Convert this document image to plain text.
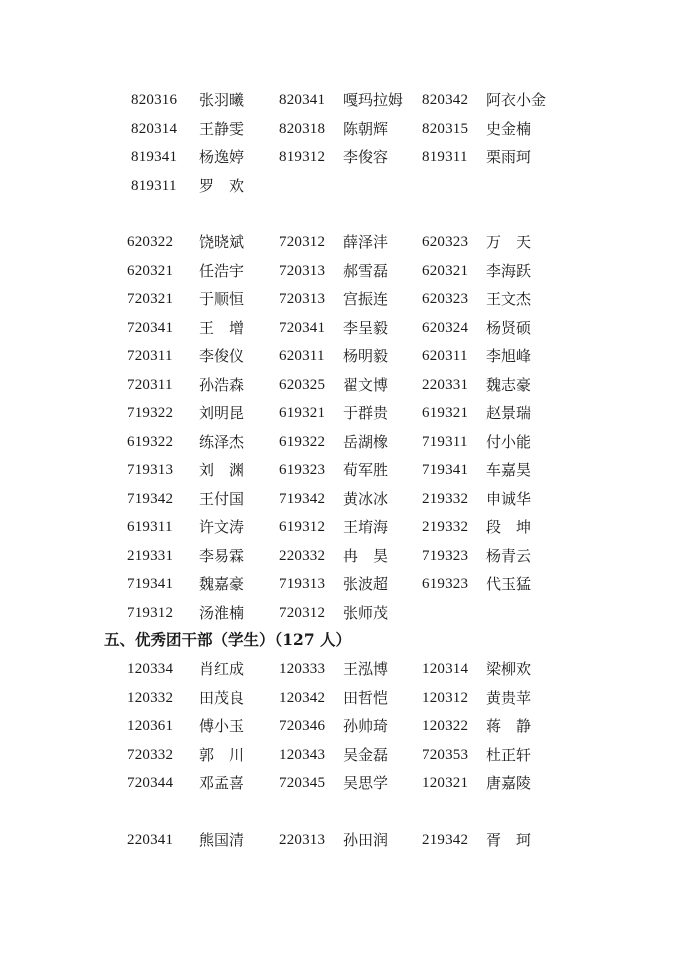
820316 张羽曦 820341 嘎玛拉姆 820342 阿衣小金
820314 王静雯 820318 陈朝辉 820315 史金楠
819341 杨逸婷 819312 李俊容 819311 栗雨珂
819311 罗　欢
620322 饶晓斌 720312 薛泽沣 620323 万　天
620321 任浩宇 720313 郝雪磊 620321 李海跃
720321 于顺恒 720313 宫振连 620323 王文杰
720341 王　增 720341 李呈毅 620324 杨贤硕
720311 李俊仪 620311 杨明毅 620311 李旭峰
720311 孙浩森 620325 翟文博 220331 魏志豪
719322 刘明昆 619321 于群贵 619321 赵景瑞
619322 练泽杰 619322 岳湖橡 719311 付小能
719313 刘　渊 619323 荀军胜 719341 车嘉昊
719342 王付国 719342 黄冰冰 219332 申诚华
619311 许文涛 619312 王堉海 219332 段　坤
219331 李易霖 220332 冉　昊 719323 杨青云
719341 魏嘉豪 719313 张波超 619323 代玉猛
719312 汤淮楠 720312 张师茂
120334 肖红成 120333 王泓博 120314 梁柳欢
120332 田茂良 120342 田哲恺 120312 黄贵苹
120361 傅小玉 720346 孙帅琦 120322 蒋　静
720332 郭　川 120343 吴金磊 720353 杜正轩
720344 邓孟喜 720345 吴思学 120321 唐嘉陵
220341 熊国清 220313 孙田润 219342 胥　珂
五、优秀团干部（学生）（127 人）
